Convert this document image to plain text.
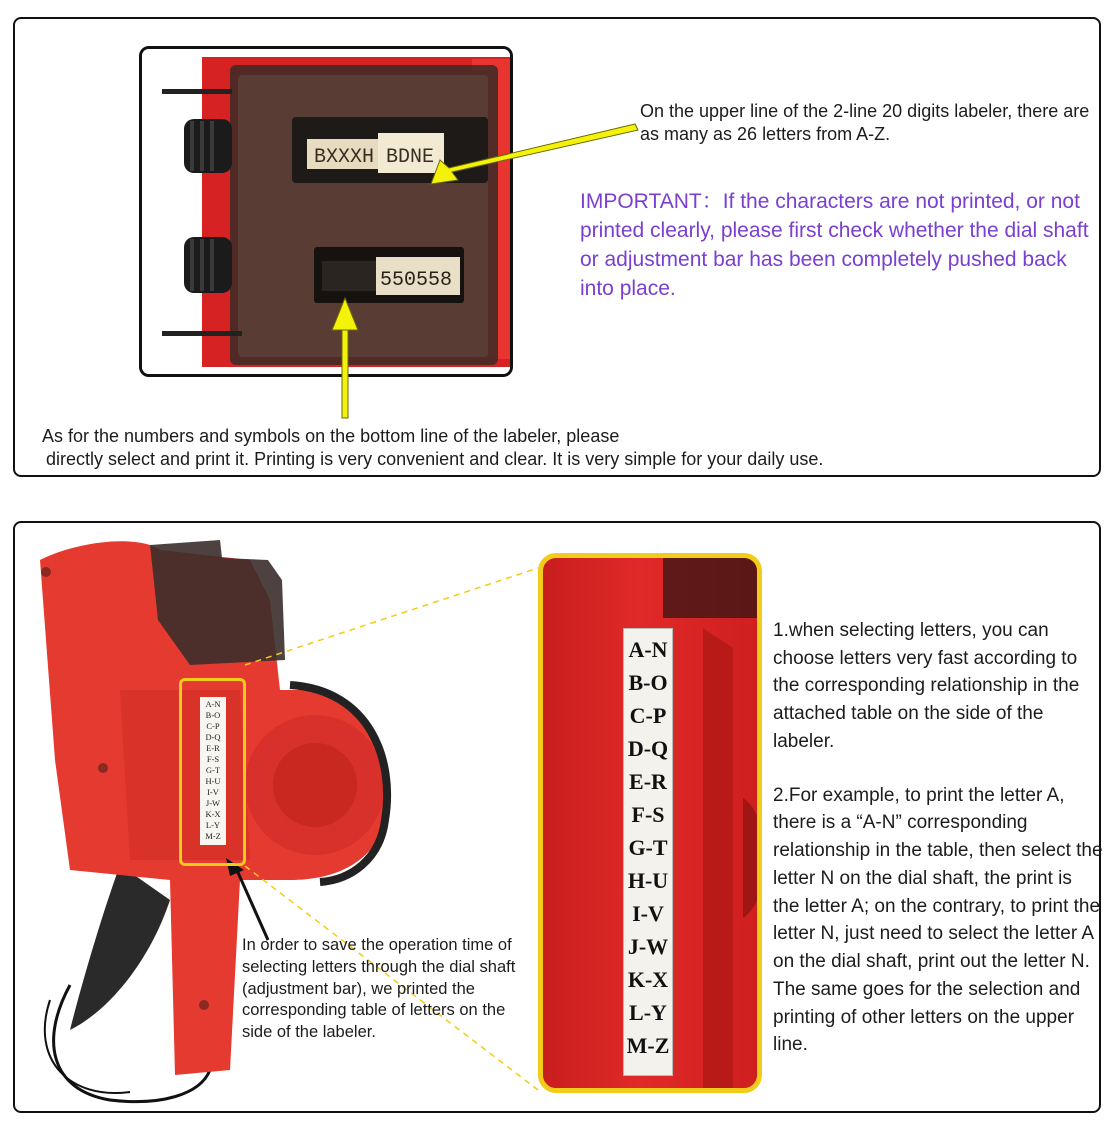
BXXXH BDNE
550558

On the upper line of the 2-line 20 digits labeler, there are as many as 26 letters from A-Z.

IMPORTANT：If the characters are not printed, or not printed clearly, please first check whether the dial shaft or adjustment bar has been completely pushed back into place.

As for the numbers and symbols on the bottom line of the labeler, please
directly select and print it. Printing is very convenient and clear. It is very simple for your daily use.
A-N
B-O
C-P
D-Q
E-R
F-S
G-T
H-U
I-V
J-W
K-X
L-Y
M-Z

In order to save the operation time of selecting letters through the dial shaft (adjustment bar), we printed the corresponding table of letters on the side of the labeler.

A-N
B-O
C-P
D-Q
E-R
F-S
G-T
H-U
I-V
J-W
K-X
L-Y
M-Z

1.when selecting letters, you can choose letters very fast according to the corresponding relationship in the attached table on the side of the labeler.

2.For example, to print the letter A, there is a “A-N” corresponding relationship in the table, then select the letter N on the dial shaft, the print is the letter A; on the contrary, to print the letter N, just need to select the letter A on the dial shaft, print out the letter N. The same goes for the selection and printing of other letters on the upper line.
